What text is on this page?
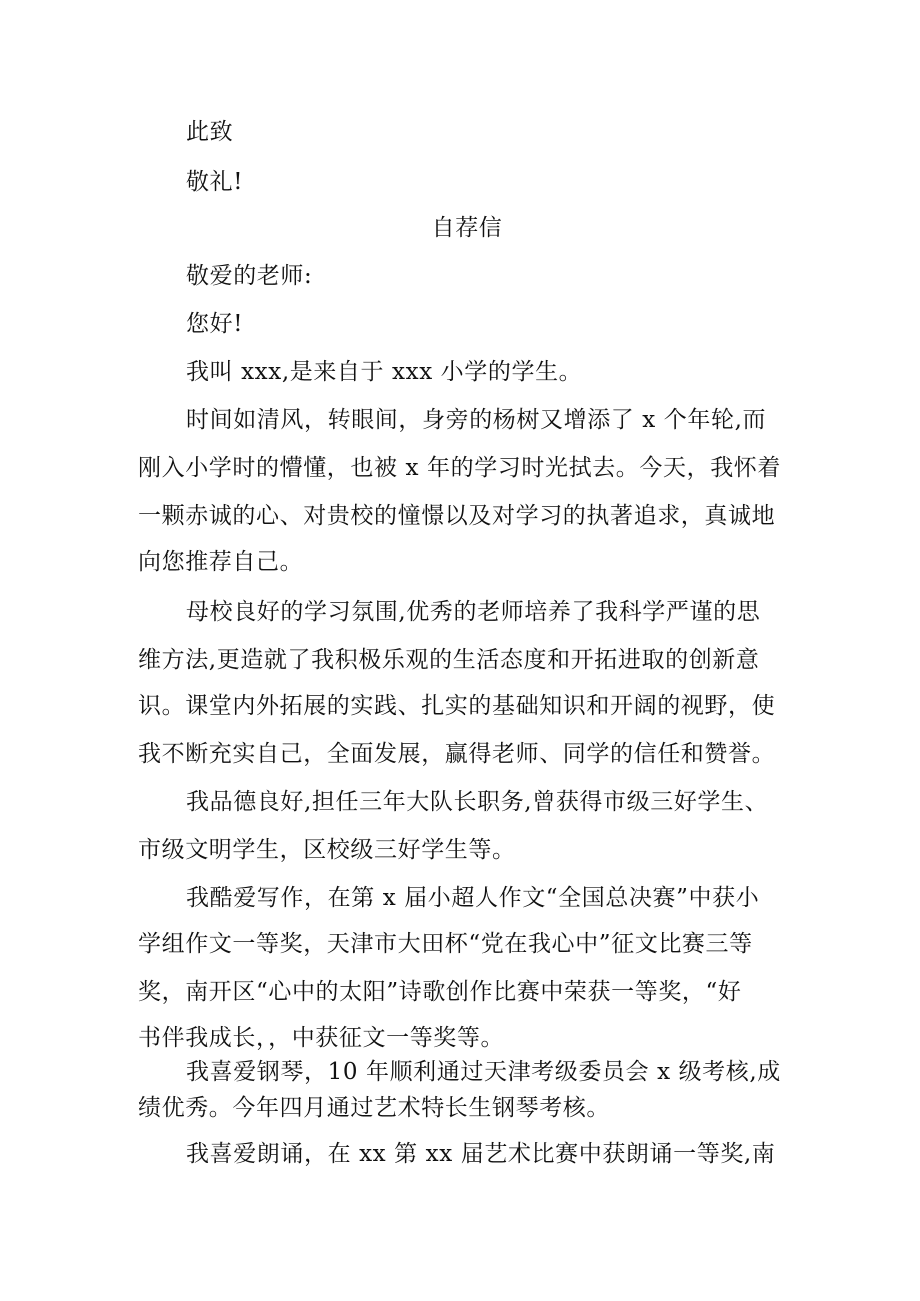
此致
敬礼!
自荐信
敬爱的老师:
您好!
我叫 xxx,是来自于 xxx 小学的学生。
时间如清风，转眼间，身旁的杨树又增添了 x 个年轮,而
刚入小学时的懵懂，也被 x 年的学习时光拭去。今天，我怀着
一颗赤诚的心、对贵校的憧憬以及对学习的执著追求，真诚地
向您推荐自己。
母校良好的学习氛围,优秀的老师培养了我科学严谨的思
维方法,更造就了我积极乐观的生活态度和开拓进取的创新意
识。课堂内外拓展的实践、扎实的基础知识和开阔的视野，使
我不断充实自己，全面发展，赢得老师、同学的信任和赞誉。
我品德良好,担任三年大队长职务,曾获得市级三好学生、
市级文明学生，区校级三好学生等。
我酷爱写作，在第 x 届小超人作文“全国总决赛”中获小
学组作文一等奖，天津市大田杯“党在我心中”征文比赛三等
奖，南开区“心中的太阳”诗歌创作比赛中荣获一等奖，“好
书伴我成长，，中获征文一等奖等。
我喜爱钢琴，10 年顺利通过天津考级委员会 x 级考核,成
绩优秀。今年四月通过艺术特长生钢琴考核。
我喜爱朗诵，在 xx 第 xx 届艺术比赛中获朗诵一等奖,南
